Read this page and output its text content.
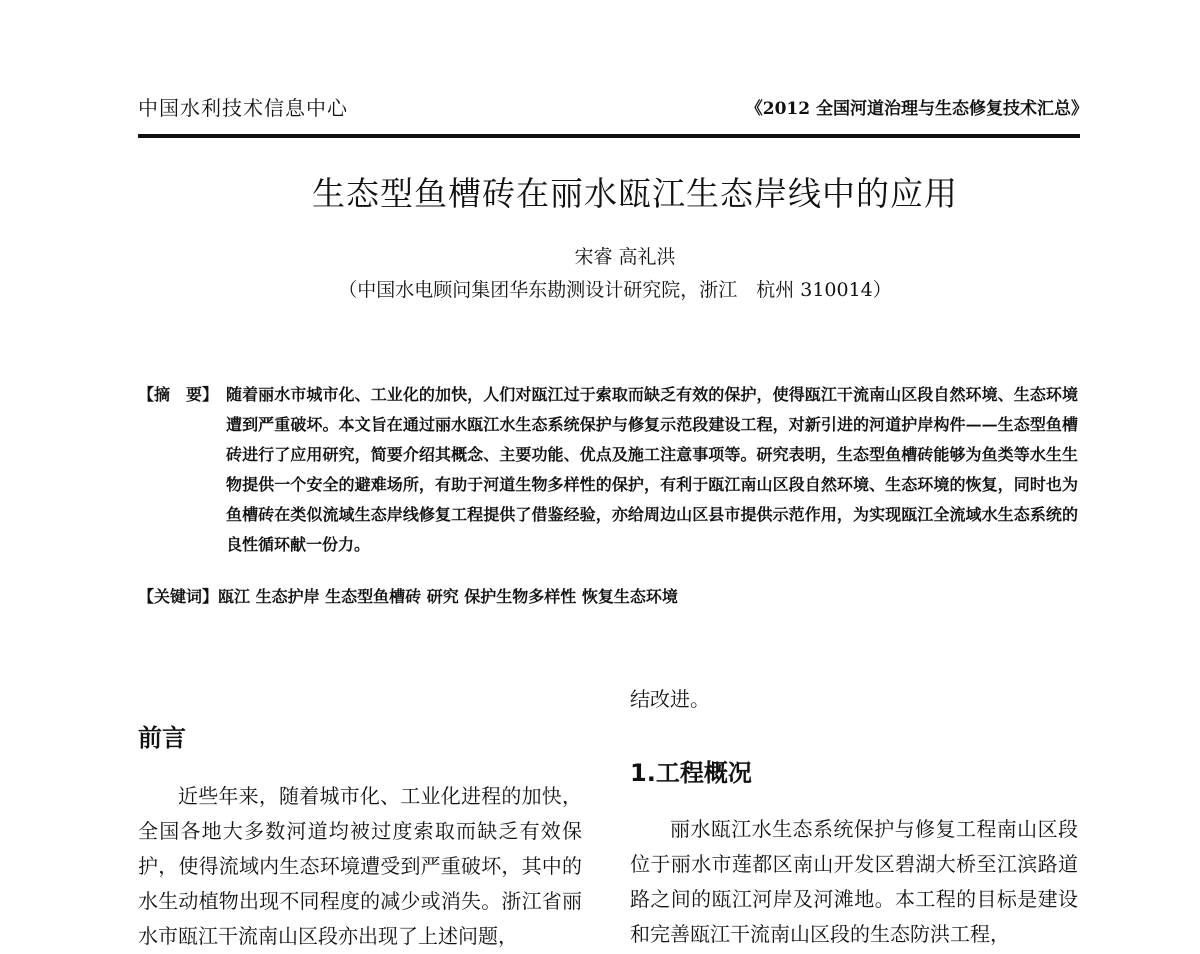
中国水利技术信息中心	《2012 全国河道治理与生态修复技术汇总》
生态型鱼槽砖在丽水瓯江生态岸线中的应用
宋睿 高礼洪
（中国水电顾问集团华东勘测设计研究院，浙江　杭州 310014）
【摘　要】 随着丽水市城市化、工业化的加快，人们对瓯江过于索取而缺乏有效的保护，使得瓯江干流南山区段自然环境、生态环境遭到严重破坏。本文旨在通过丽水瓯江水生态系统保护与修复示范段建设工程，对新引进的河道护岸构件——生态型鱼槽砖进行了应用研究，简要介绍其概念、主要功能、优点及施工注意事项等。研究表明，生态型鱼槽砖能够为鱼类等水生生物提供一个安全的避难场所，有助于河道生物多样性的保护，有利于瓯江南山区段自然环境、生态环境的恢复，同时也为鱼槽砖在类似流域生态岸线修复工程提供了借鉴经验，亦给周边山区县市提供示范作用，为实现瓯江全流域水生态系统的良性循环献一份力。
【关键词】瓯江 生态护岸 生态型鱼槽砖 研究 保护生物多样性 恢复生态环境
前言

近些年来，随着城市化、工业化进程的加快，全国各地大多数河道均被过度索取而缺乏有效保护，使得流域内生态环境遭受到严重破坏，其中的水生动植物出现不同程度的减少或消失。浙江省丽水市瓯江干流南山区段亦出现了上述问题，

结改进。

1.工程概况

丽水瓯江水生态系统保护与修复工程南山区段位于丽水市莲都区南山开发区碧湖大桥至江滨路道路之间的瓯江河岸及河滩地。本工程的目标是建设和完善瓯江干流南山区段的生态防洪工程，
